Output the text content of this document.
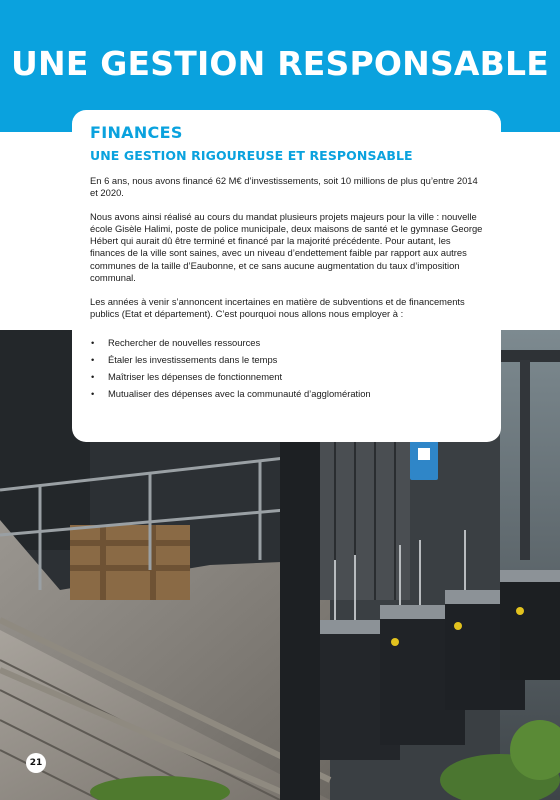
UNE GESTION RESPONSABLE
FINANCES
UNE GESTION RIGOUREUSE ET RESPONSABLE

En 6 ans, nous avons financé 62 M€ d’investissements, soit 10 millions de plus qu’entre 2014 et 2020.

Nous avons ainsi réalisé au cours du mandat plusieurs projets majeurs pour la ville : nouvelle école Gisèle Halimi, poste de police municipale, deux maisons de santé et le gymnase George Hébert qui aurait dû être terminé et financé par la majorité précédente. Pour autant, les finances de la ville sont saines, avec un niveau d’endettement faible par rapport aux autres communes de la taille d’Eaubonne, et ce sans aucune augmentation du taux d’imposition communal.

Les années à venir s’annoncent incertaines en matière de subventions et de financements publics (Etat et département). C’est pourquoi nous allons nous employer à :

• Rechercher de nouvelles ressources
• Étaler les investissements dans le temps
• Maîtriser les dépenses de fonctionnement
• Mutualiser des dépenses avec la communauté d’agglomération
21
